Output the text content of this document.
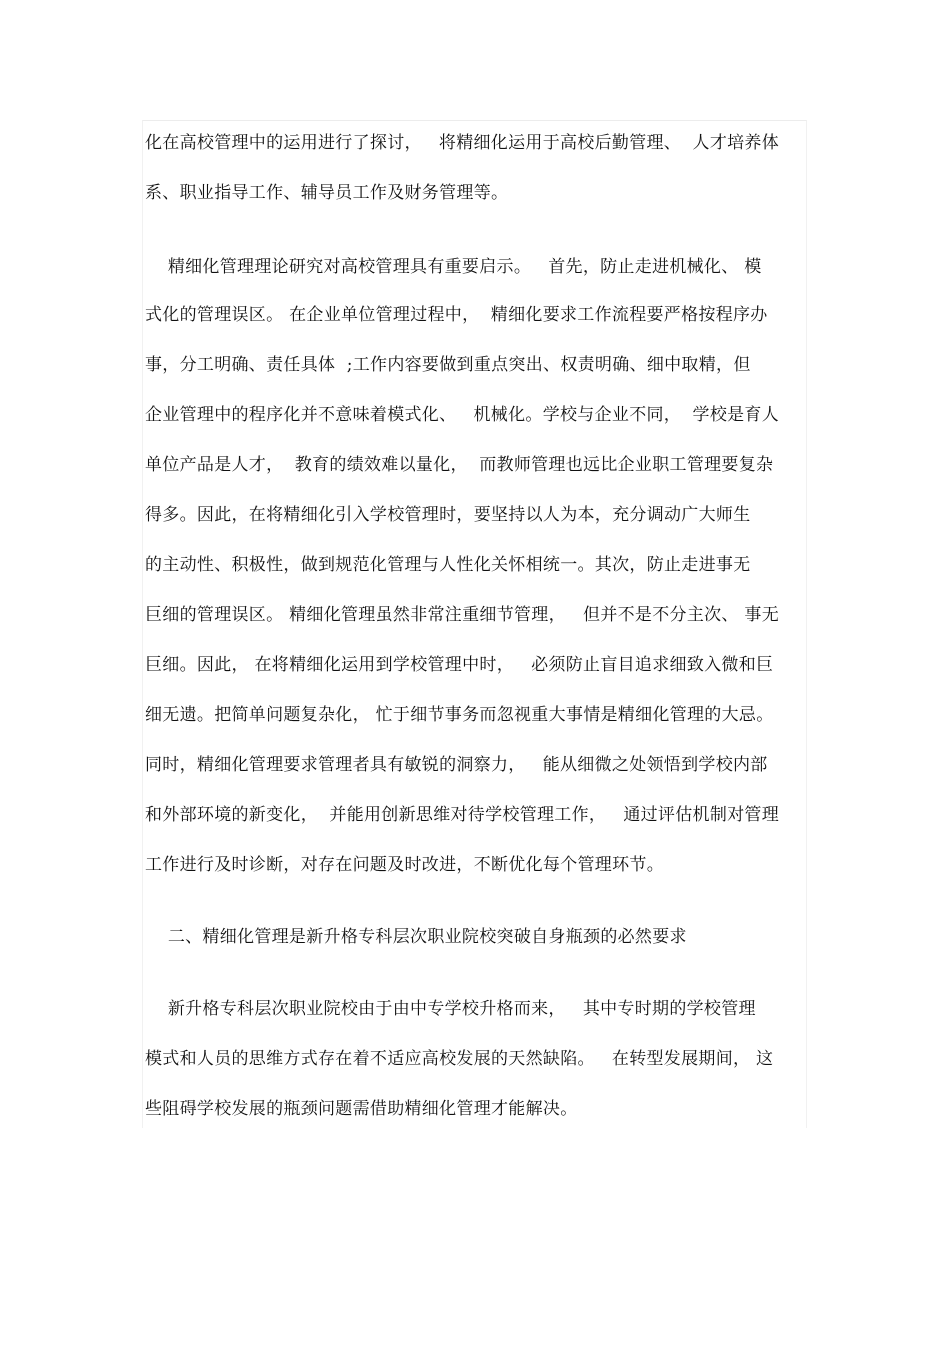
化在高校管理中的运用进行了探讨，   将精细化运用于高校后勤管理、  人才培养体
系、职业指导工作、辅导员工作及财务管理等。
精细化管理理论研究对高校管理具有重要启示。   首先，防止走进机械化、 模
式化的管理误区。 在企业单位管理过程中，  精细化要求工作流程要严格按程序办
事，分工明确、责任具体  ;工作内容要做到重点突出、权责明确、细中取精，但
企业管理中的程序化并不意味着模式化、   机械化。学校与企业不同，  学校是育人
单位产品是人才，  教育的绩效难以量化，  而教师管理也远比企业职工管理要复杂
得多。因此，在将精细化引入学校管理时，要坚持以人为本，充分调动广大师生
的主动性、积极性，做到规范化管理与人性化关怀相统一。其次，防止走进事无
巨细的管理误区。 精细化管理虽然非常注重细节管理，   但并不是不分主次、 事无
巨细。因此， 在将精细化运用到学校管理中时，   必须防止盲目追求细致入微和巨
细无遗。把简单问题复杂化， 忙于细节事务而忽视重大事情是精细化管理的大忌。
同时，精细化管理要求管理者具有敏锐的洞察力，   能从细微之处领悟到学校内部
和外部环境的新变化，  并能用创新思维对待学校管理工作，   通过评估机制对管理
工作进行及时诊断，对存在问题及时改进，不断优化每个管理环节。
二、精细化管理是新升格专科层次职业院校突破自身瓶颈的必然要求
新升格专科层次职业院校由于由中专学校升格而来，   其中专时期的学校管理
模式和人员的思维方式存在着不适应高校发展的天然缺陷。   在转型发展期间， 这
些阻碍学校发展的瓶颈问题需借助精细化管理才能解决。
